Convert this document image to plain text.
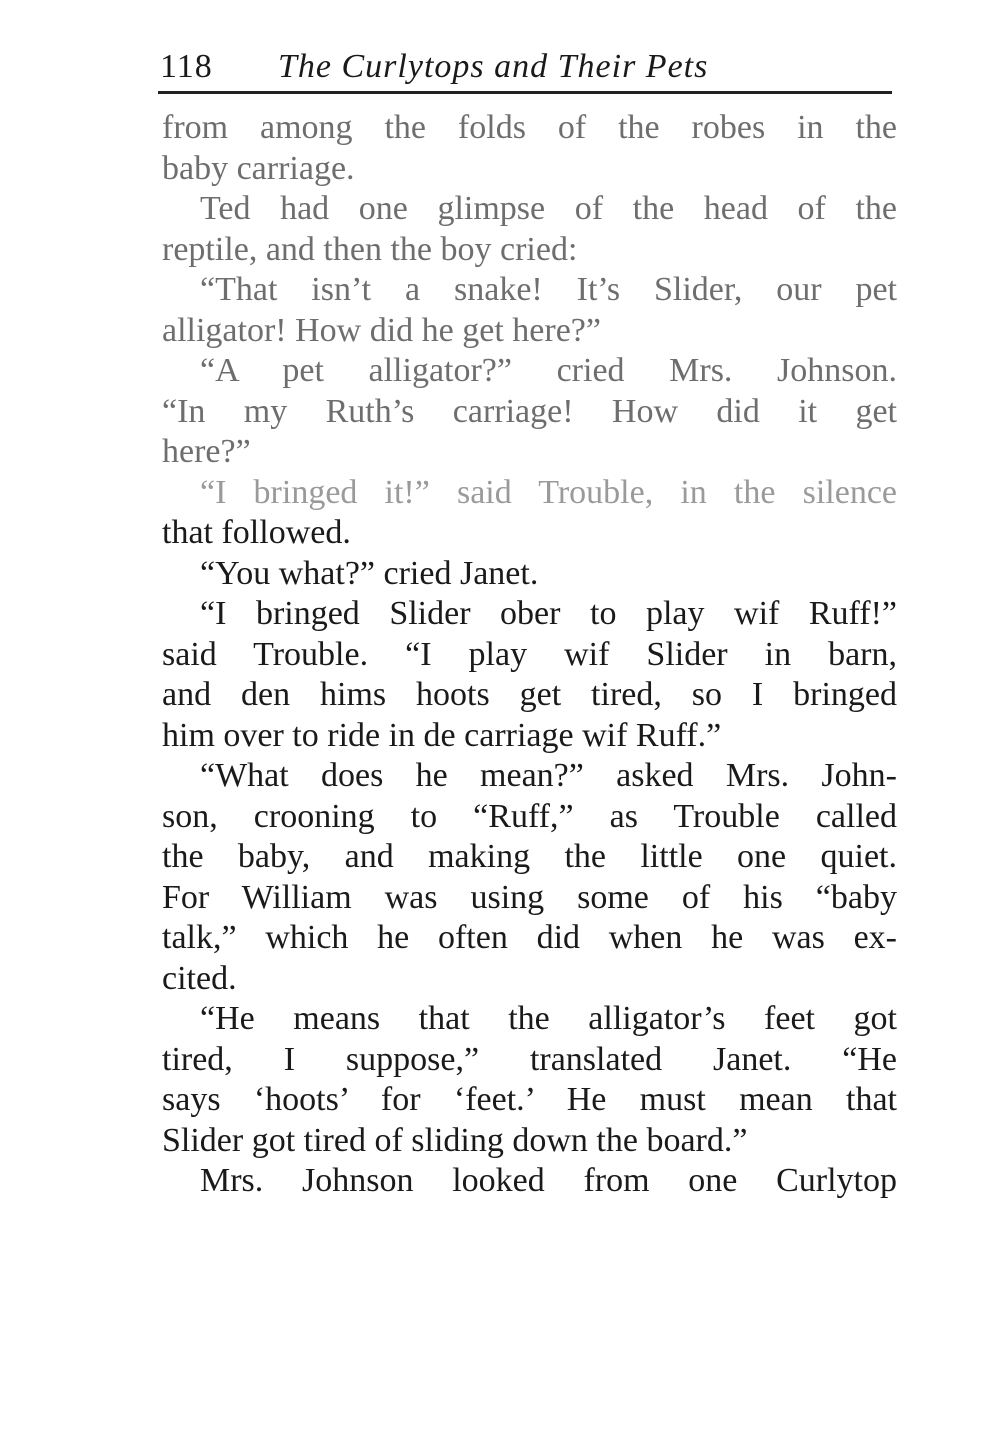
118 The Curlytops and Their Pets
from among the folds of the robes in the
baby carriage.
Ted had one glimpse of the head of the
reptile, and then the boy cried:
“That isn’t a snake! It’s Slider, our pet
alligator! How did he get here?”
“A pet alligator?” cried Mrs. Johnson.
“In my Ruth’s carriage! How did it get
here?”
“I bringed it!” said Trouble, in the silence
that followed.
“You what?” cried Janet.
“I bringed Slider ober to play wif Ruff!”
said Trouble. “I play wif Slider in barn,
and den hims hoots get tired, so I bringed
him over to ride in de carriage wif Ruff.”
“What does he mean?” asked Mrs. John-
son, crooning to “Ruff,” as Trouble called
the baby, and making the little one quiet.
For William was using some of his “baby
talk,” which he often did when he was ex-
cited.
“He means that the alligator’s feet got
tired, I suppose,” translated Janet. “He
says ‘hoots’ for ‘feet.’ He must mean that
Slider got tired of sliding down the board.”
Mrs. Johnson looked from one Curlytop
